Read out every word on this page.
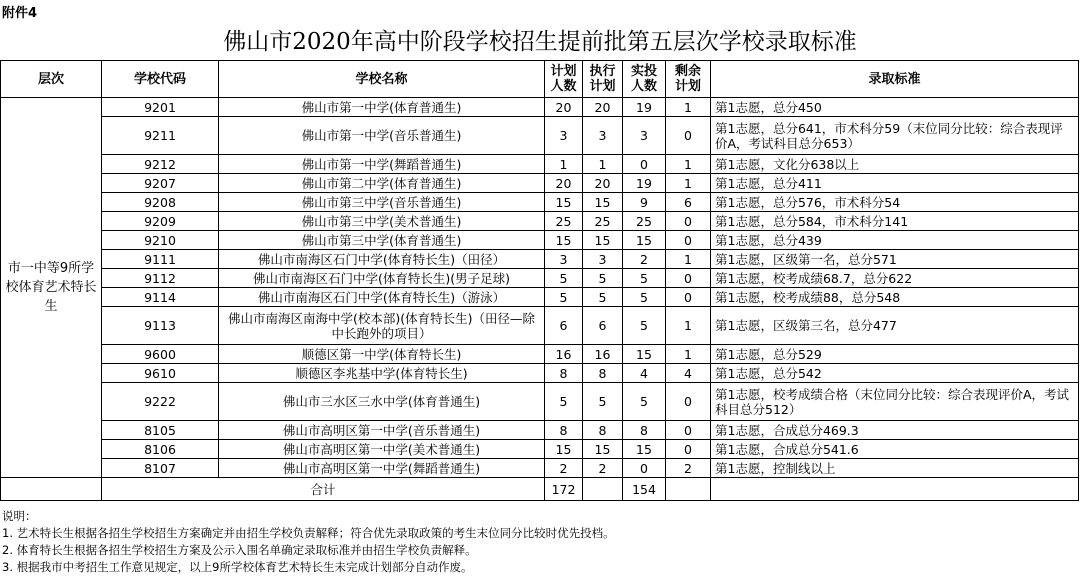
附件4
佛山市2020年高中阶段学校招生提前批第五层次学校录取标准
层次	学校代码	学校名称	计划人数	执行计划	实投人数	剩余计划	录取标准
市一中等9所学校体育艺术特长生	9201	佛山市第一中学(体育普通生)	20	20	19	1	第1志愿，总分450
	9211	佛山市第一中学(音乐普通生)	3	3	3	0	第1志愿，总分641，市术科分59（末位同分比较：综合表现评价A，考试科目总分653）
	9212	佛山市第一中学(舞蹈普通生)	1	1	0	1	第1志愿，文化分638以上
	9207	佛山市第二中学(体育普通生)	20	20	19	1	第1志愿，总分411
	9208	佛山市第三中学(音乐普通生)	15	15	9	6	第1志愿，总分576，市术科分54
	9209	佛山市第三中学(美术普通生)	25	25	25	0	第1志愿，总分584，市术科分141
	9210	佛山市第三中学(体育普通生)	15	15	15	0	第1志愿，总分439
	9111	佛山市南海区石门中学(体育特长生)（田径）	3	3	2	1	第1志愿，区级第一名，总分571
	9112	佛山市南海区石门中学(体育特长生)(男子足球)	5	5	5	0	第1志愿，校考成绩68.7，总分622
	9114	佛山市南海区石门中学(体育特长生)（游泳）	5	5	5	0	第1志愿，校考成绩88，总分548
	9113	佛山市南海区南海中学(校本部)(体育特长生)（田径—除中长跑外的项目）	6	6	5	1	第1志愿，区级第三名，总分477
	9600	顺德区第一中学(体育特长生)	16	16	15	1	第1志愿，总分529
	9610	顺德区李兆基中学(体育特长生)	8	8	4	4	第1志愿，总分542
	9222	佛山市三水区三水中学(体育普通生)	5	5	5	0	第1志愿，校考成绩合格（末位同分比较：综合表现评价A，考试科目总分512）
	8105	佛山市高明区第一中学(音乐普通生)	8	8	8	0	第1志愿，合成总分469.3
	8106	佛山市高明区第一中学(美术普通生)	15	15	15	0	第1志愿，合成总分541.6
	8107	佛山市高明区第一中学(舞蹈普通生)	2	2	0	2	第1志愿，控制线以上
	合计		172		154		
说明：
1. 艺术特长生根据各招生学校招生方案确定并由招生学校负责解释；符合优先录取政策的考生末位同分比较时优先投档。
2. 体育特长生根据各招生学校招生方案及公示入围名单确定录取标准并由招生学校负责解释。
3. 根据我市中考招生工作意见规定，以上9所学校体育艺术特长生未完成计划部分自动作废。
